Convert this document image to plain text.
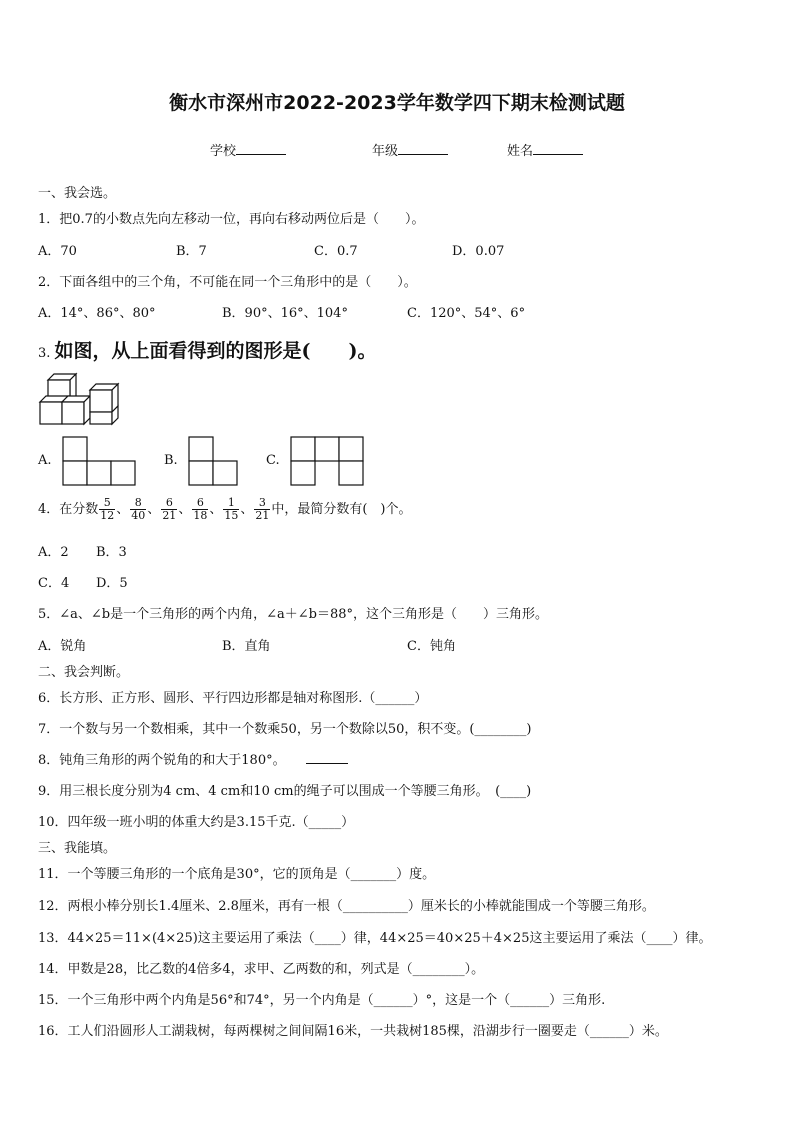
衡水市深州市2022-2023学年数学四下期末检测试题
学校	年级	姓名
一、我会选。
1．把0.7的小数点先向左移动一位，再向右移动两位后是（　　）。
A．70	B．7	C．0.7	D．0.07
2．下面各组中的三个角，不可能在同一个三角形中的是（　　）。
A．14°、86°、80°	B．90°、16°、104°	C．120°、54°、6°
3. 如图，从上面看得到的图形是(　　)。
A.	B.	C.
4．在分数 $\frac{5}{12}$ 、 $\frac{8}{40}$ 、 $\frac{6}{21}$ 、 $\frac{6}{18}$ 、 $\frac{1}{15}$ 、 $\frac{3}{21}$ 中，最简分数有(　)个。
A．2 B．3
C．4 D．5
5．∠a、∠b是一个三角形的两个内角，∠a＋∠b＝88°，这个三角形是（　　）三角形。
A．锐角	B．直角	C．钝角
二、我会判断。
6．长方形、正方形、圆形、平行四边形都是轴对称图形.（______）
7．一个数与另一个数相乘，其中一个数乘50，另一个数除以50，积不变。(________)
8．钝角三角形的两个锐角的和大于180°。
9．用三根长度分别为4 cm、4 cm和10 cm的绳子可以围成一个等腰三角形。　(____)
10．四年级一班小明的体重大约是3.15千克.（_____）
三、我能填。
11．一个等腰三角形的一个底角是30°，它的顶角是（_______）度。
12．两根小棒分别长1.4厘米、2.8厘米，再有一根（__________）厘米长的小棒就能围成一个等腰三角形。
13．44×25＝11×(4×25)这主要运用了乘法（____）律，44×25＝40×25＋4×25这主要运用了乘法（____）律。
14．甲数是28，比乙数的4倍多4，求甲、乙两数的和，列式是（________）。
15．一个三角形中两个内角是56°和74°，另一个内角是（______）°，这是一个（______）三角形.
16．工人们沿圆形人工湖栽树，每两棵树之间间隔16米，一共栽树185棵，沿湖步行一圈要走（______）米。
